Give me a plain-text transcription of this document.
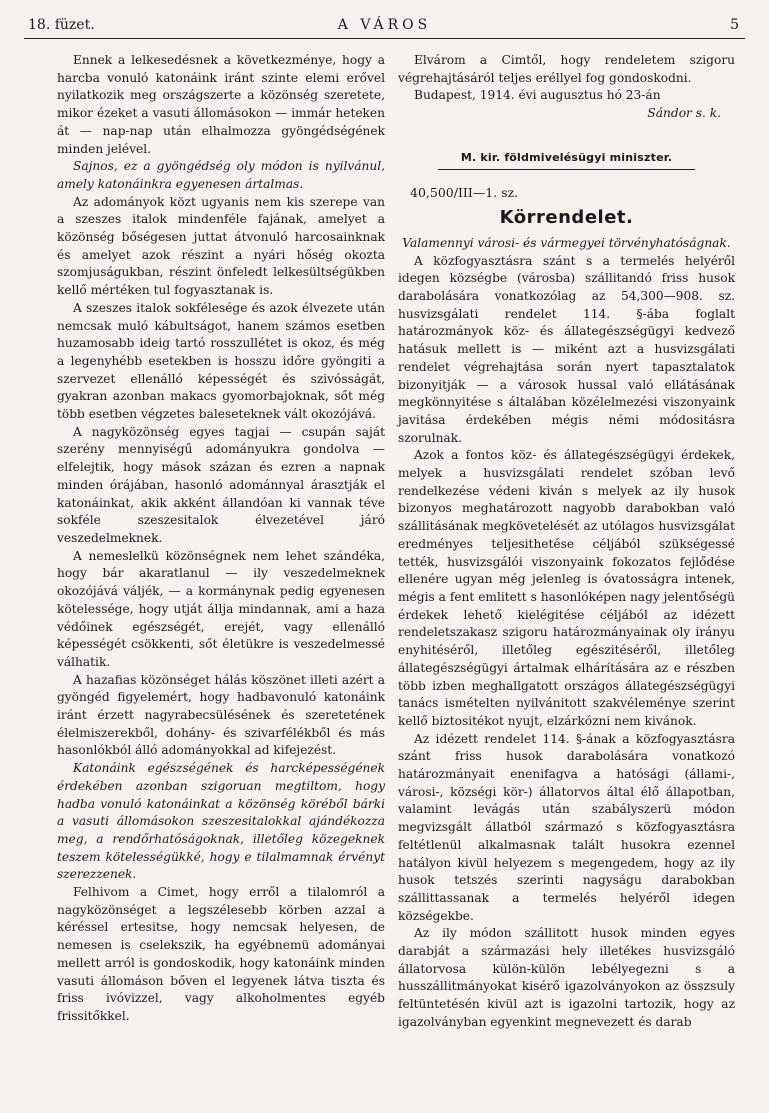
18. füzet.	A VÁROS	5

Ennek a lelkesedésnek a következménye, hogy a harcba vonuló katonáink iránt szinte elemi erővel nyilatkozik meg országszerte a közönség szeretete, mikor ézeket a vasuti állomásokon — immár heteken át — nap-nap után elhalmozza gyöngédségének minden jelével.

Sajnos, ez a gyöngédség oly módon is nyilvánul, amely katonáinkra egyenesen ártalmas.

Az adományok közt ugyanis nem kis szerepe van a szeszes italok mindenféle fajának, amelyet a közönség bőségesen juttat átvonuló harcosainknak és amelyet azok részint a nyári hőség okozta szomjuságukban, részint önfeledt lelkesültségükben kellő mértéken tul fogyasztanak is.

A szeszes italok sokfélesége és azok élvezete után nemcsak muló kábultságot, hanem számos esetben huzamosabb ideig tartó rosszullétet is okoz, és még a legenyhébb esetekben is hosszu időre gyöngiti a szervezet ellenálló képességét és szivósságát, gyakran azonban makacs gyomorbajoknak, sőt még több esetben végzetes baleseteknek vált okozójává.

A nagyközönség egyes tagjai — csupán saját szerény mennyiségű adományukra gondolva — elfelejtik, hogy mások százan és ezren a napnak minden órájában, hasonló adománnyal árasztják el katonáinkat, akik akként állandóan ki vannak téve sokféle szeszesitalok élvezetével járó veszedelmeknek.

A nemeslelkü közönségnek nem lehet szándéka, hogy bár akaratlanul — ily veszedelmeknek okozójává váljék, — a kormánynak pedig egyenesen kötelessége, hogy utját állja mindannak, ami a haza védőinek egészségét, erejét, vagy ellenálló képességét csökkenti, sőt életükre is veszedelmessé válhatik.

A hazafias közönséget hálás köszönet illeti azért a gyöngéd figyelemért, hogy hadbavonuló katonáink iránt érzett nagyrabecsülésének és szeretetének élelmiszerekből, dohány- és szivarfélékből és más hasonlókból álló adományokkal ad kifejezést.

Katonáink egészségének és harcképességének érdekében azonban szigoruan megtiltom, hogy hadba vonuló katonáinkat a közönség köréből bárki a vasuti állomásokon szeszesitalokkal ajándékozza meg, a rendőrhatóságoknak, illetőleg közegeknek teszem kötelességükké, hogy e tilalmamnak érvényt szerezzenek.

Felhivom a Cimet, hogy erről a tilalomról a nagyközönséget a legszélesebb körben azzal a kéréssel ertesitse, hogy nemcsak helyesen, de nemesen is cselekszik, ha egyébnemü adományai mellett arról is gondoskodik, hogy katonáink minden vasuti állomáson bőven el legyenek látva tiszta és friss ivóvizzel, vagy alkoholmentes egyéb frissitőkkel.

Elvárom a Cimtől, hogy rendeletem szigoru végrehajtásáról teljes eréllyel fog gondoskodni.

Budapest, 1914. évi augusztus hó 23-án

Sándor s. k.

M. kir. földmivelésügyi miniszter.

40,500/III—1. sz.

Körrendelet.
Valamennyi városi- és vármegyei törvényhatóságnak.

A közfogyasztásra szánt s a termelés helyéről idegen községbe (városba) szállitandó friss husok darabolására vonatkozólag az 54,300—908. sz. husvizsgálati rendelet 114. §-ába foglalt határozmányok köz- és állategészségügyi kedvező hatásuk mellett is — miként azt a husvizsgálati rendelet végrehajtása során nyert tapasztalatok bizonyitják — a városok hussal való ellátásának megkönnyitése s általában közélelmezési viszonyaink javitása érdekében mégis némi módositásra szorulnak.

Azok a fontos köz- és állategészségügyi érdekek, melyek a husvizsgálati rendelet szóban levő rendelkezése védeni kiván s melyek az ily husok bizonyos meghatározott nagyobb darabokban való szállitásának megkövetelését az utólagos husvizsgálat eredményes teljesithetése céljából szükségessé tették, husvizsgálói viszonyaink fokozatos fejlődése ellenére ugyan még jelenleg is óvatosságra intenek, mégis a fent emlitett s hasonlóképen nagy jelentőségü érdekek lehető kielégitése céljából az idézett rendeletszakasz szigoru határozmányainak oly irányu enyhitéséről, illetőleg egészitéséről, illetőleg állategészségügyi ártalmak elhárítására az e részben több izben meghallgatott országos állategészségügyi tanács ismételten nyilvánitott szakvéleménye szerint kellő biztositékot nyujt, elzárkózni nem kivánok.

Az idézett rendelet 114. §-ának a közfogyasztásra szánt friss husok darabolására vonatkozó határozmányait enenifagva a hatósági (állami-, városi-, községi kör-) állatorvos által élő állapotban, valamint levágás után szabályszerü módon megvizsgált állatból származó s közfogyasztásra feltétlenül alkalmasnak talált husokra ezennel hatályon kivül helyezem s megengedem, hogy az ily husok tetszés szerinti nagyságu darabokban szállittassanak a termelés helyéről idegen községekbe.

Az ily módon szállitott husok minden egyes darabját a származási hely illetékes husvizsgáló állatorvosa külön-külön lebélyegezni s a husszállitmányokat kisérő igazolványokon az összsuly feltüntetésén kivül azt is igazolni tartozik, hogy az igazolványban egyenkint megnevezett és darab
